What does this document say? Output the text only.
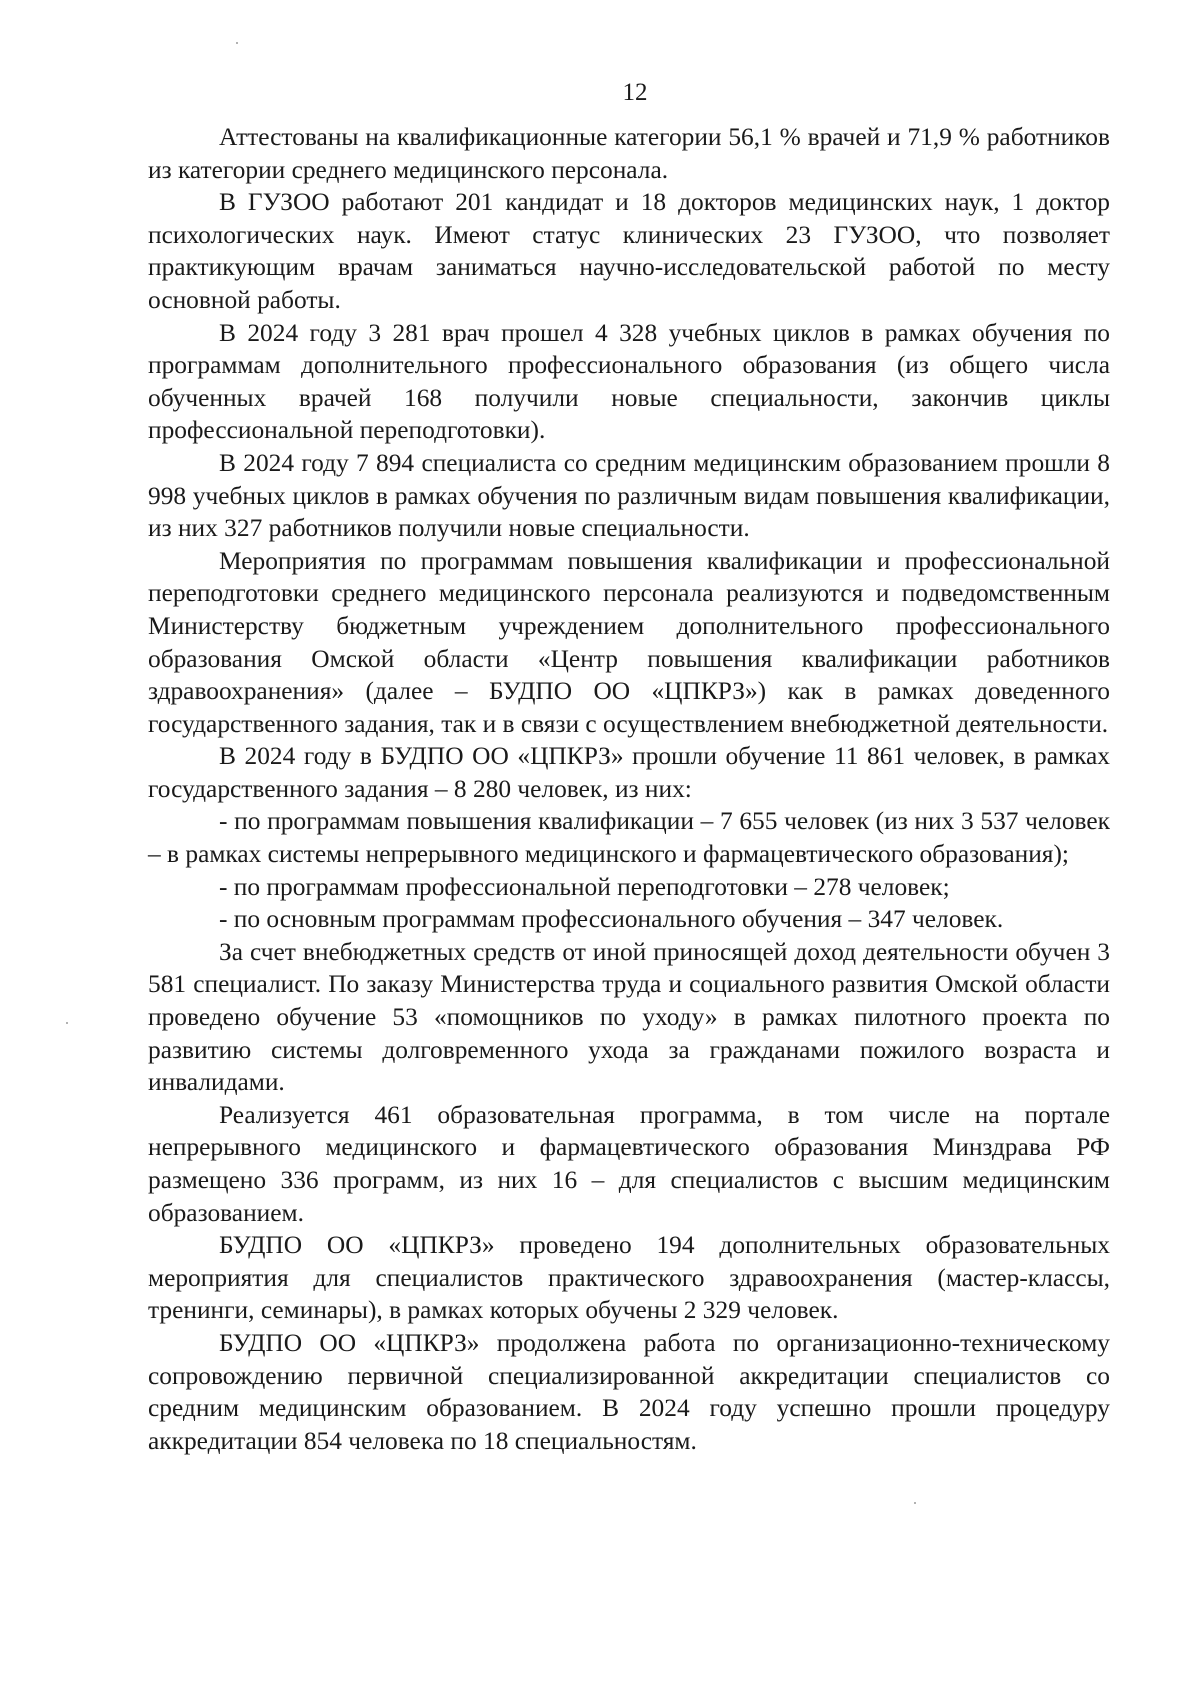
12

Аттестованы на квалификационные категории 56,1 % врачей и 71,9 % работников из категории среднего медицинского персонала.

В ГУЗОО работают 201 кандидат и 18 докторов медицинских наук, 1 доктор психологических наук. Имеют статус клинических 23 ГУЗОО, что позволяет практикующим врачам заниматься научно-исследовательской работой по месту основной работы.

В 2024 году 3 281 врач прошел 4 328 учебных циклов в рамках обучения по программам дополнительного профессионального образования (из общего числа обученных врачей 168 получили новые специальности, закончив циклы профессиональной переподготовки).

В 2024 году 7 894 специалиста со средним медицинским образованием прошли 8 998 учебных циклов в рамках обучения по различным видам повышения квалификации, из них 327 работников получили новые специальности.

Мероприятия по программам повышения квалификации и профессиональной переподготовки среднего медицинского персонала реализуются и подведомственным Министерству бюджетным учреждением дополнительного профессионального образования Омской области «Центр повышения квалификации работников здравоохранения» (далее – БУДПО ОО «ЦПКРЗ») как в рамках доведенного государственного задания, так и в связи с осуществлением внебюджетной деятельности.

В 2024 году в БУДПО ОО «ЦПКРЗ» прошли обучение 11 861 человек, в рамках государственного задания – 8 280 человек, из них:

- по программам повышения квалификации – 7 655 человек (из них 3 537 человек – в рамках системы непрерывного медицинского и фармацевтического образования);

- по программам профессиональной переподготовки – 278 человек;

- по основным программам профессионального обучения – 347 человек.

За счет внебюджетных средств от иной приносящей доход деятельности обучен 3 581 специалист. По заказу Министерства труда и социального развития Омской области проведено обучение 53 «помощников по уходу» в рамках пилотного проекта по развитию системы долговременного ухода за гражданами пожилого возраста и инвалидами.

Реализуется 461 образовательная программа, в том числе на портале непрерывного медицинского и фармацевтического образования Минздрава РФ размещено 336 программ, из них 16 – для специалистов с высшим медицинским образованием.

БУДПО ОО «ЦПКРЗ» проведено 194 дополнительных образовательных мероприятия для специалистов практического здравоохранения (мастер-классы, тренинги, семинары), в рамках которых обучены 2 329 человек.

БУДПО ОО «ЦПКРЗ» продолжена работа по организационно-техническому сопровождению первичной специализированной аккредитации специалистов со средним медицинским образованием. В 2024 году успешно прошли процедуру аккредитации 854 человека по 18 специальностям.
